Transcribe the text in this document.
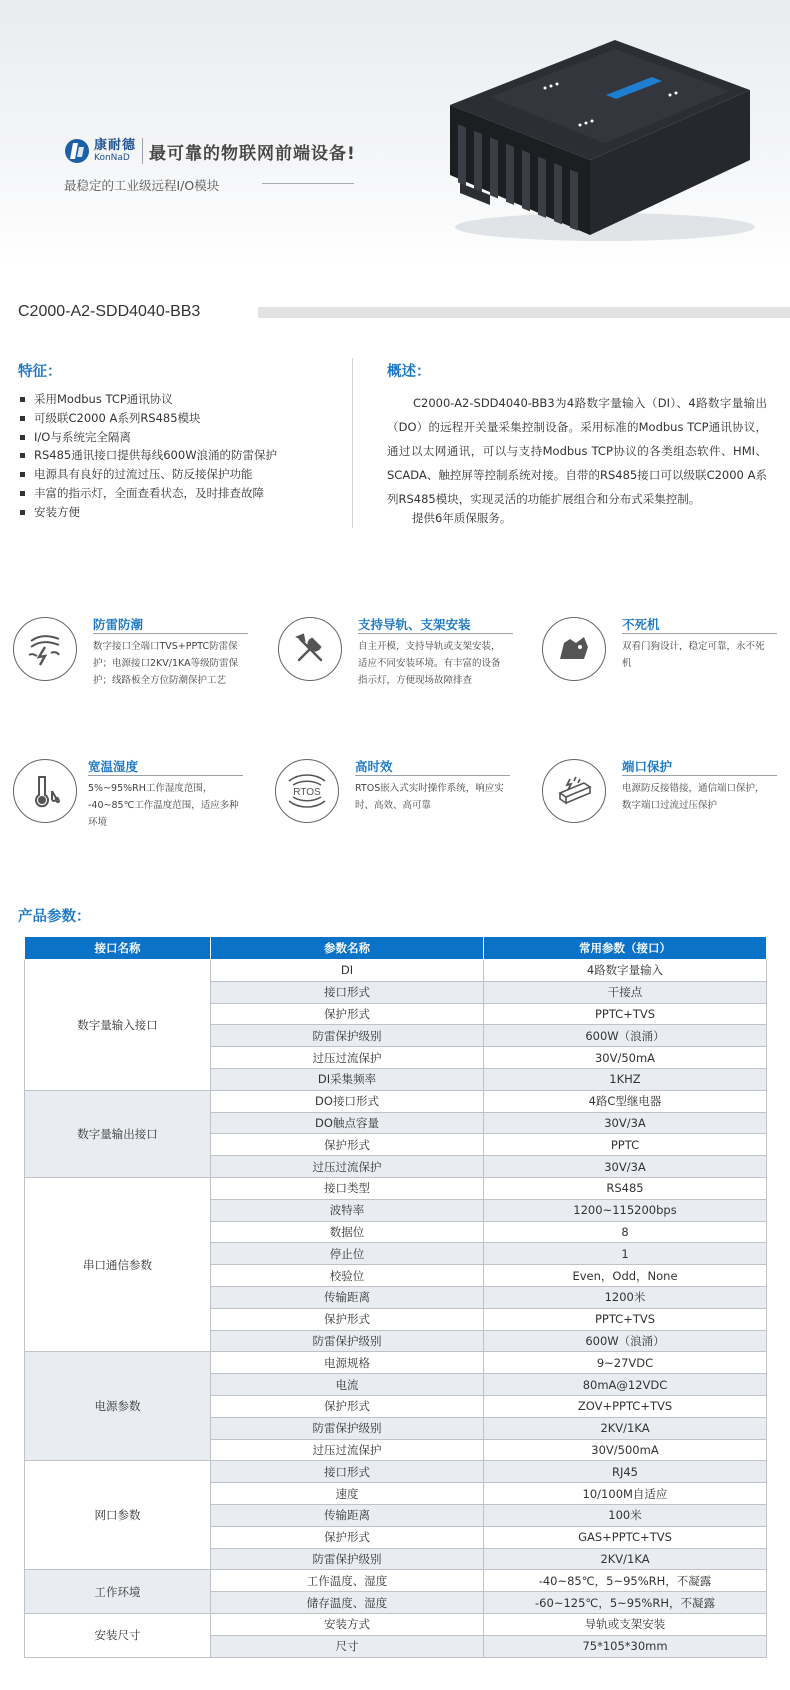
康耐德
KonNaD	最可靠的物联网前端设备!
最稳定的工业级远程I/O模块
C2000-A2-SDD4040-BB3
特征：
采用Modbus TCP通讯协议
可级联C2000 A系列RS485模块
I/O与系统完全隔离
RS485通讯接口提供每线600W浪涌的防雷保护
电源具有良好的过流过压、防反接保护功能
丰富的指示灯，全面查看状态，及时排查故障
安装方便
概述：

C2000-A2-SDD4040-BB3为4路数字量输入（DI）、4路数字量输出（DO）的远程开关量采集控制设备。采用标准的Modbus TCP通讯协议，通过以太网通讯，可以与支持Modbus TCP协议的各类组态软件、HMI、SCADA、触控屏等控制系统对接。自带的RS485接口可以级联C2000 A系列RS485模块，实现灵活的功能扩展组合和分布式采集控制。

提供6年质保服务。

防雷防潮
数字接口全端口TVS+PPTC防雷保
护；电源接口2KV/1KA等级防雷保
护；线路板全方位防潮保护工艺
支持导轨、支架安装
自主开模，支持导轨或支架安装，
适应不同安装环境。有丰富的设备
指示灯，方便现场故障排查
不死机
双看门狗设计，稳定可靠，永不死
机
宽温湿度
5%~95%RH工作湿度范围，
-40~85℃工作温度范围，适应多种
环境
RTOS
高时效
RTOS嵌入式实时操作系统，响应实
时、高效、高可靠
端口保护
电源防反接错接，通信端口保护，
数字端口过流过压保护
产品参数：
接口名称	参数名称	常用参数（接口）
数字量输入接口	DI	4路数字量输入
	接口形式	干接点
	保护形式	PPTC+TVS
	防雷保护级别	600W（浪涌）
	过压过流保护	30V/50mA
	DI采集频率	1KHZ
数字量输出接口	DO接口形式	4路C型继电器
	DO触点容量	30V/3A
	保护形式	PPTC
	过压过流保护	30V/3A
串口通信参数	接口类型	RS485
	波特率	1200~115200bps
	数据位	8
	停止位	1
	校验位	Even，Odd，None
	传输距离	1200米
	保护形式	PPTC+TVS
	防雷保护级别	600W（浪涌）
电源参数	电源规格	9~27VDC
	电流	80mA@12VDC
	保护形式	ZOV+PPTC+TVS
	防雷保护级别	2KV/1KA
	过压过流保护	30V/500mA
网口参数	接口形式	RJ45
	速度	10/100M自适应
	传输距离	100米
	保护形式	GAS+PPTC+TVS
	防雷保护级别	2KV/1KA
工作环境	工作温度、湿度	-40~85℃，5~95%RH，不凝露
	储存温度、湿度	-60~125℃，5~95%RH，不凝露
安装尺寸	安装方式	导轨或支架安装
	尺寸	75*105*30mm
